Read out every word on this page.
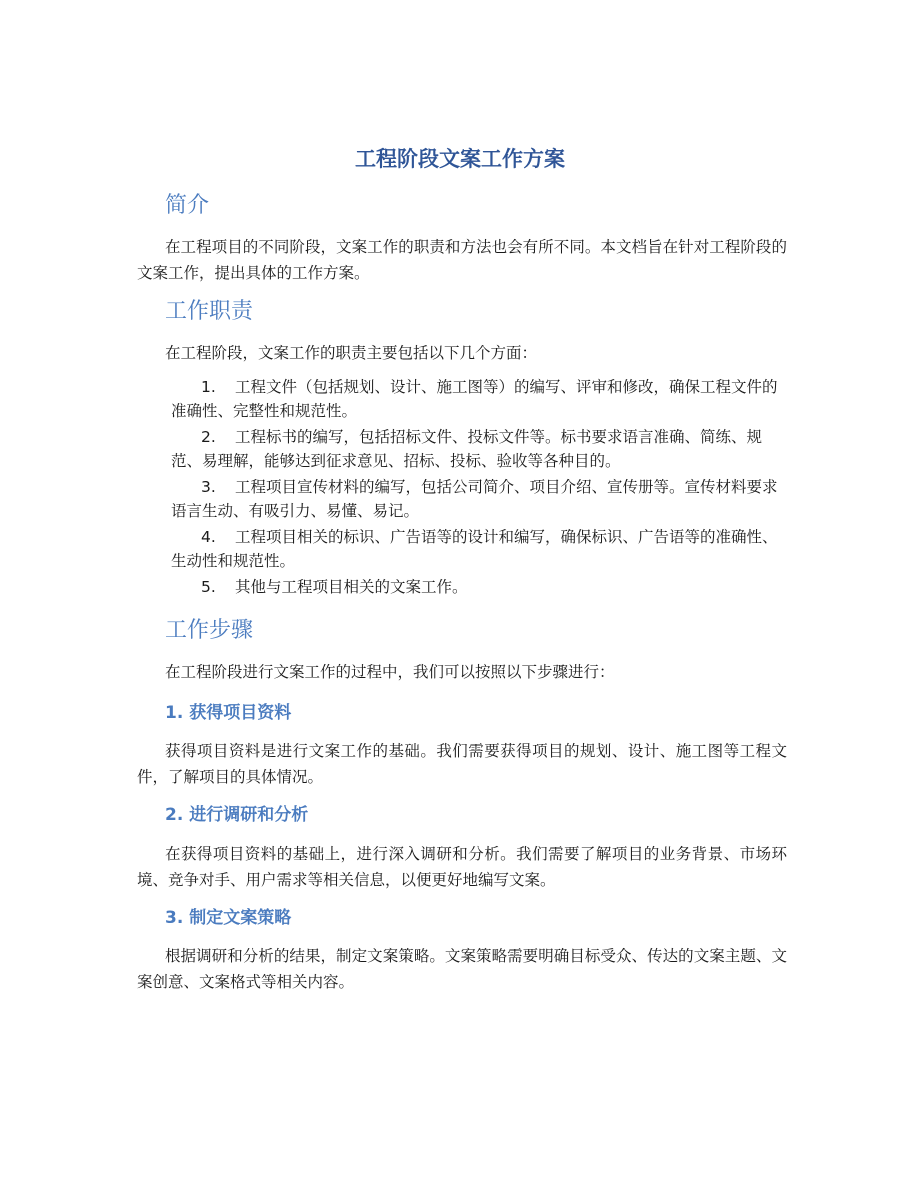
工程阶段文案工作方案
简介
在工程项目的不同阶段，文案工作的职责和方法也会有所不同。本文档旨在针对工程阶段的文案工作，提出具体的工作方案。
工作职责
在工程阶段，文案工作的职责主要包括以下几个方面：
1. 工程文件（包括规划、设计、施工图等）的编写、评审和修改，确保工程文件的准确性、完整性和规范性。
2. 工程标书的编写，包括招标文件、投标文件等。标书要求语言准确、简练、规范、易理解，能够达到征求意见、招标、投标、验收等各种目的。
3. 工程项目宣传材料的编写，包括公司简介、项目介绍、宣传册等。宣传材料要求语言生动、有吸引力、易懂、易记。
4. 工程项目相关的标识、广告语等的设计和编写，确保标识、广告语等的准确性、生动性和规范性。
5. 其他与工程项目相关的文案工作。
工作步骤
在工程阶段进行文案工作的过程中，我们可以按照以下步骤进行：
1. 获得项目资料
获得项目资料是进行文案工作的基础。我们需要获得项目的规划、设计、施工图等工程文件，了解项目的具体情况。
2. 进行调研和分析
在获得项目资料的基础上，进行深入调研和分析。我们需要了解项目的业务背景、市场环境、竞争对手、用户需求等相关信息，以便更好地编写文案。
3. 制定文案策略
根据调研和分析的结果，制定文案策略。文案策略需要明确目标受众、传达的文案主题、文案创意、文案格式等相关内容。
